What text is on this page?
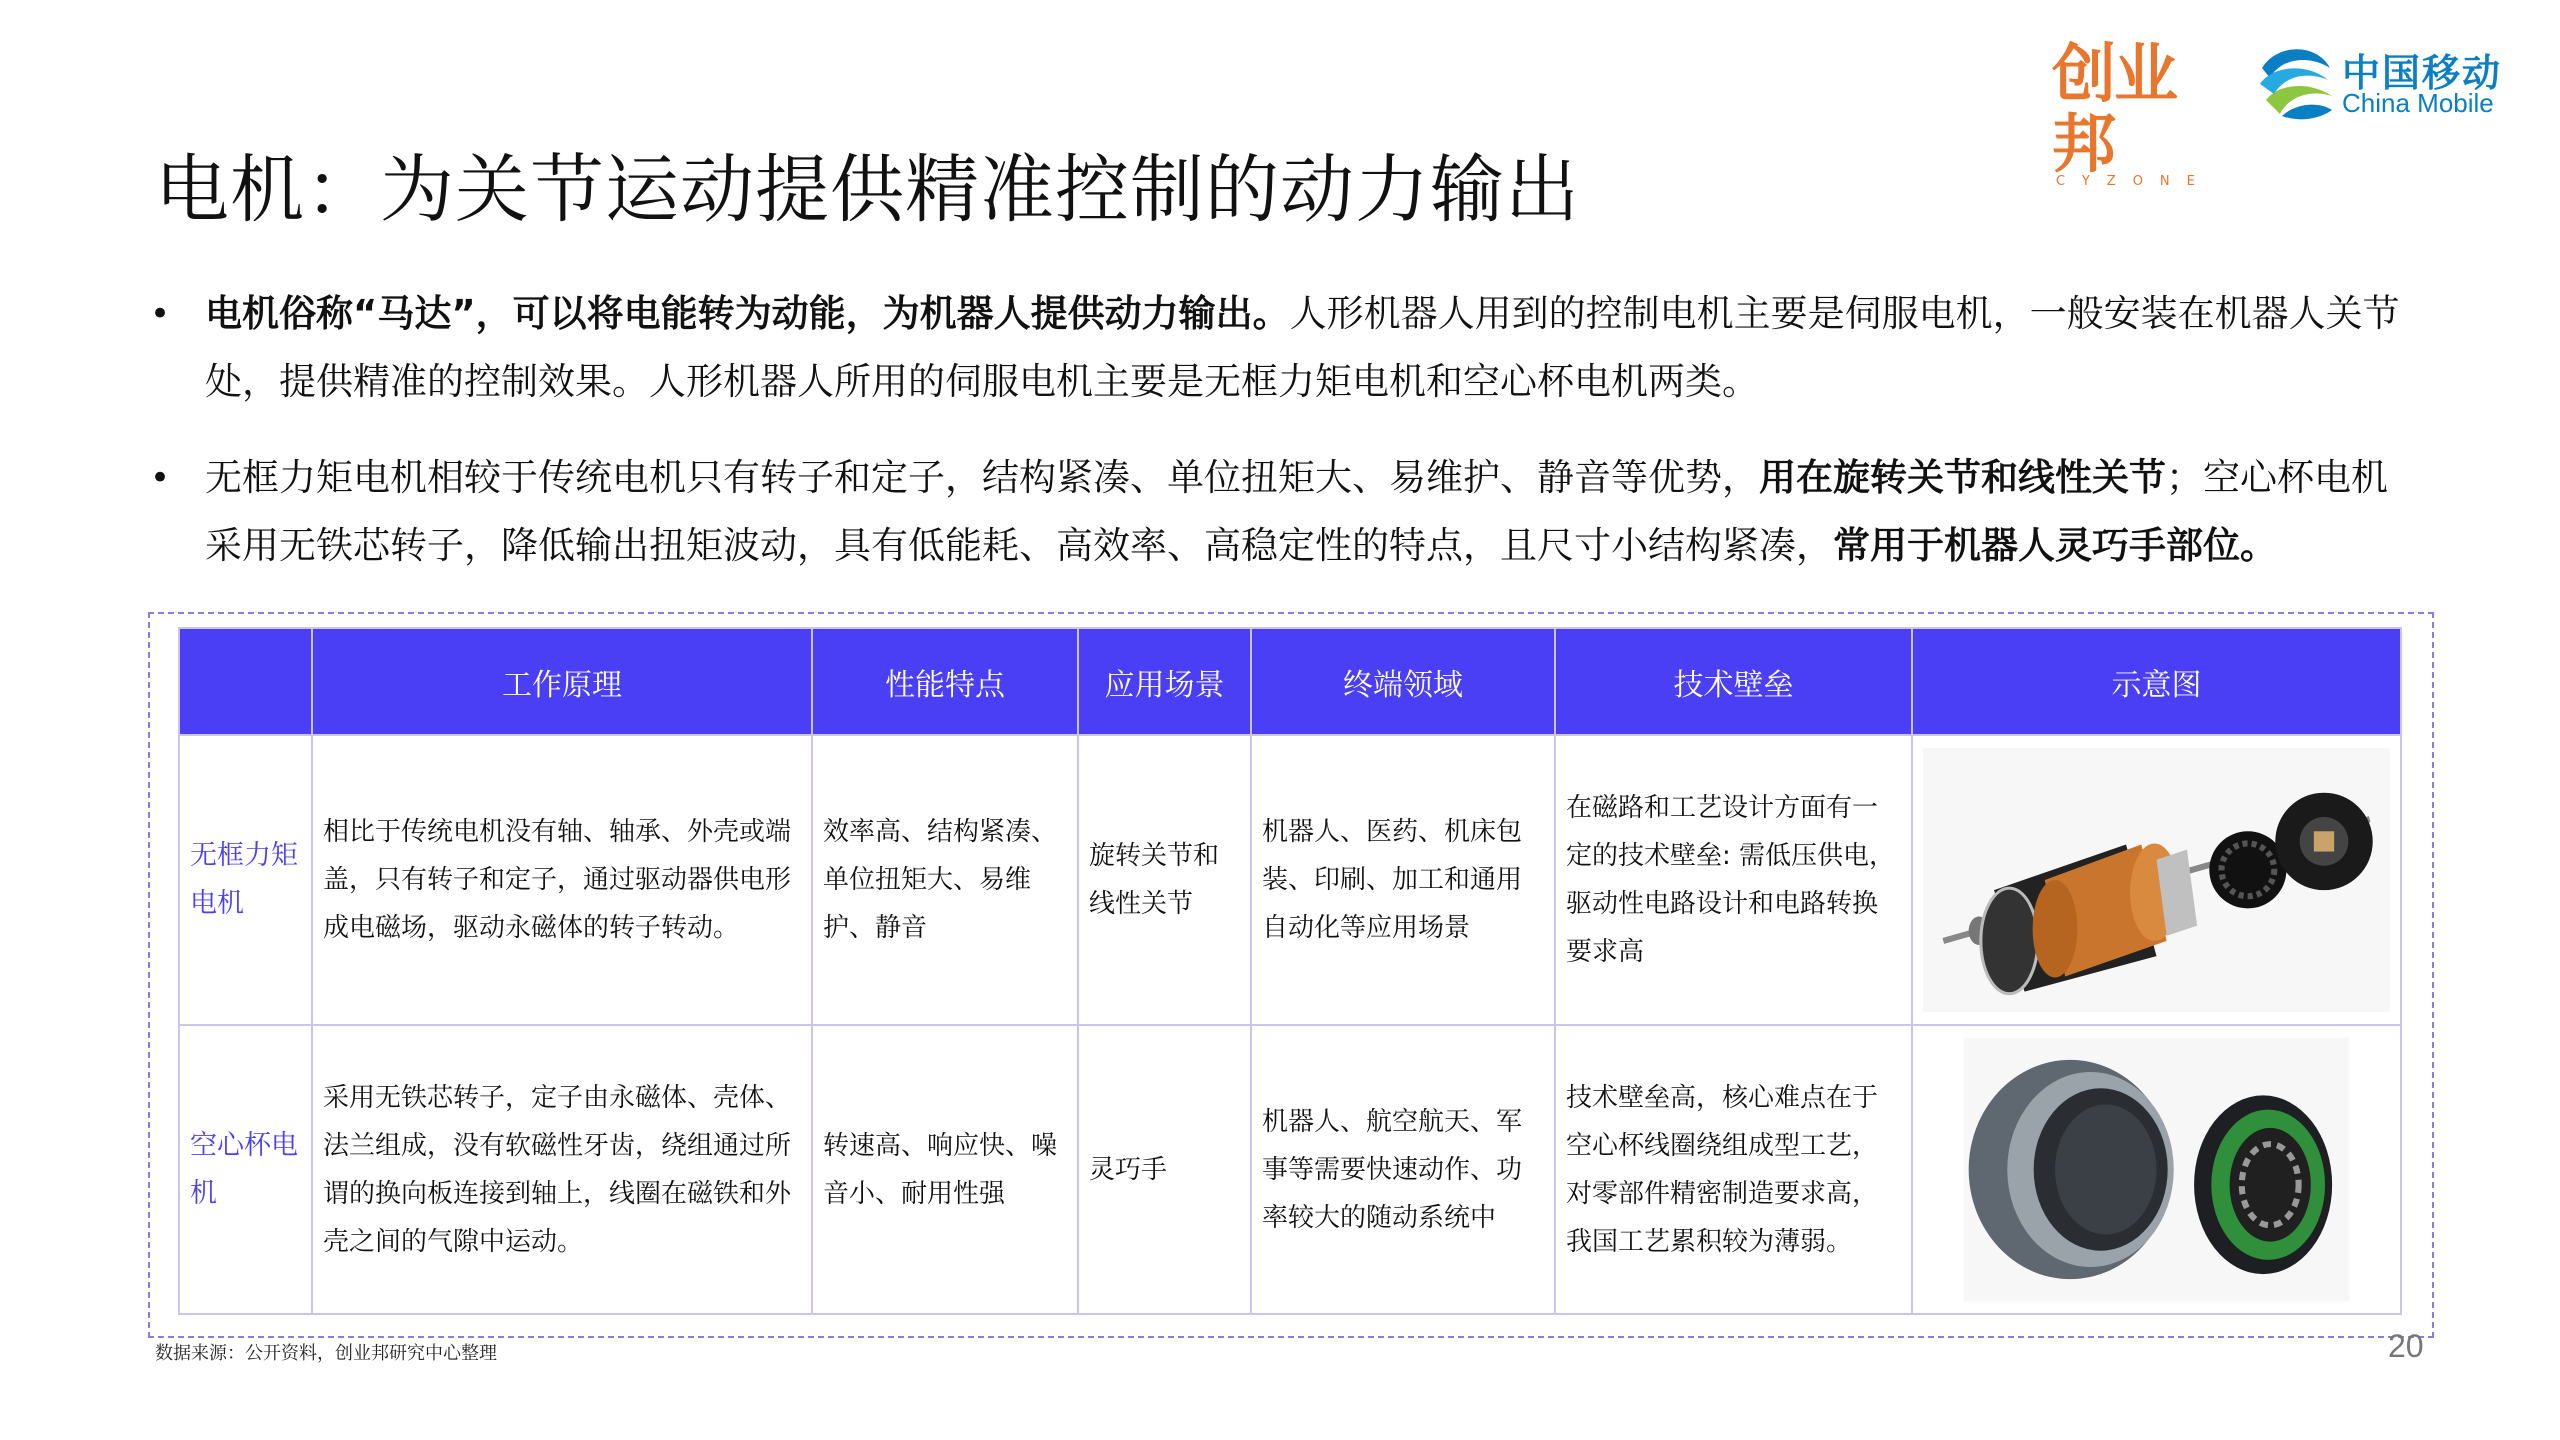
创业邦
CYZONE
中国移动
China Mobile
电机：为关节运动提供精准控制的动力输出
• 电机俗称“马达”，可以将电能转为动能，为机器人提供动力输出。人形机器人用到的控制电机主要是伺服电机，一般安装在机器人关节处，提供精准的控制效果。人形机器人所用的伺服电机主要是无框力矩电机和空心杯电机两类。
• 无框力矩电机相较于传统电机只有转子和定子，结构紧凑、单位扭矩大、易维护、静音等优势，用在旋转关节和线性关节；空心杯电机采用无铁芯转子，降低输出扭矩波动，具有低能耗、高效率、高稳定性的特点，且尺寸小结构紧凑，常用于机器人灵巧手部位。
	工作原理	性能特点	应用场景	终端领域	技术壁垒	示意图
无框力矩电机	相比于传统电机没有轴、轴承、外壳或端盖，只有转子和定子，通过驱动器供电形成电磁场，驱动永磁体的转子转动。	效率高、结构紧凑、单位扭矩大、易维护、静音	旋转关节和线性关节	机器人、医药、机床包装、印刷、加工和通用自动化等应用场景	在磁路和工艺设计方面有一定的技术壁垒: 需低压供电，驱动性电路设计和电路转换要求高	

空心杯电机	采用无铁芯转子，定子由永磁体、壳体、法兰组成，没有软磁性牙齿，绕组通过所谓的换向板连接到轴上，线圈在磁铁和外壳之间的气隙中运动。	转速高、响应快、噪音小、耐用性强	灵巧手	机器人、航空航天、军事等需要快速动作、功率较大的随动系统中	技术壁垒高，核心难点在于空心杯线圈绕组成型工艺，对零部件精密制造要求高，我国工艺累积较为薄弱。	
数据来源：公开资料，创业邦研究中心整理	20
